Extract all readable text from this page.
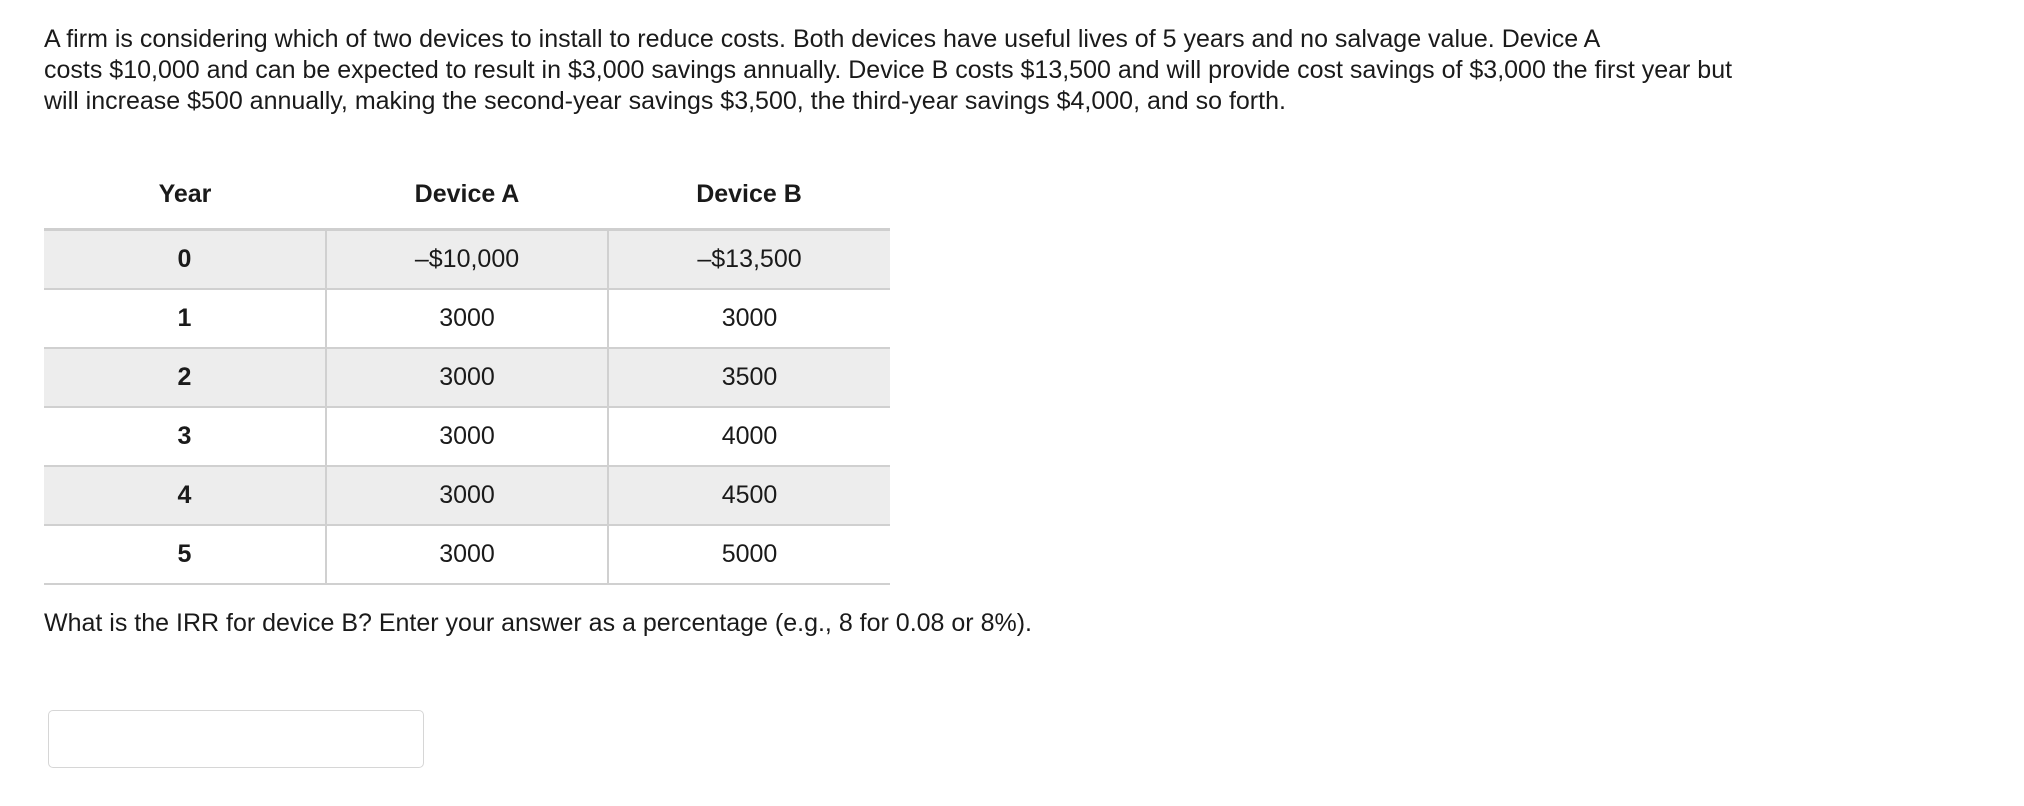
A firm is considering which of two devices to install to reduce costs. Both devices have useful lives of 5 years and no salvage value. Device A
costs $10,000 and can be expected to result in $3,000 savings annually. Device B costs $13,500 and will provide cost savings of $3,000 the first year but
will increase $500 annually, making the second-year savings $3,500, the third-year savings $4,000, and so forth.
Year	Device A	Device B
0	–$10,000	–$13,500
1	3000	3000
2	3000	3500
3	3000	4000
4	3000	4500
5	3000	5000

What is the IRR for device B? Enter your answer as a percentage (e.g., 8 for 0.08 or 8%).
